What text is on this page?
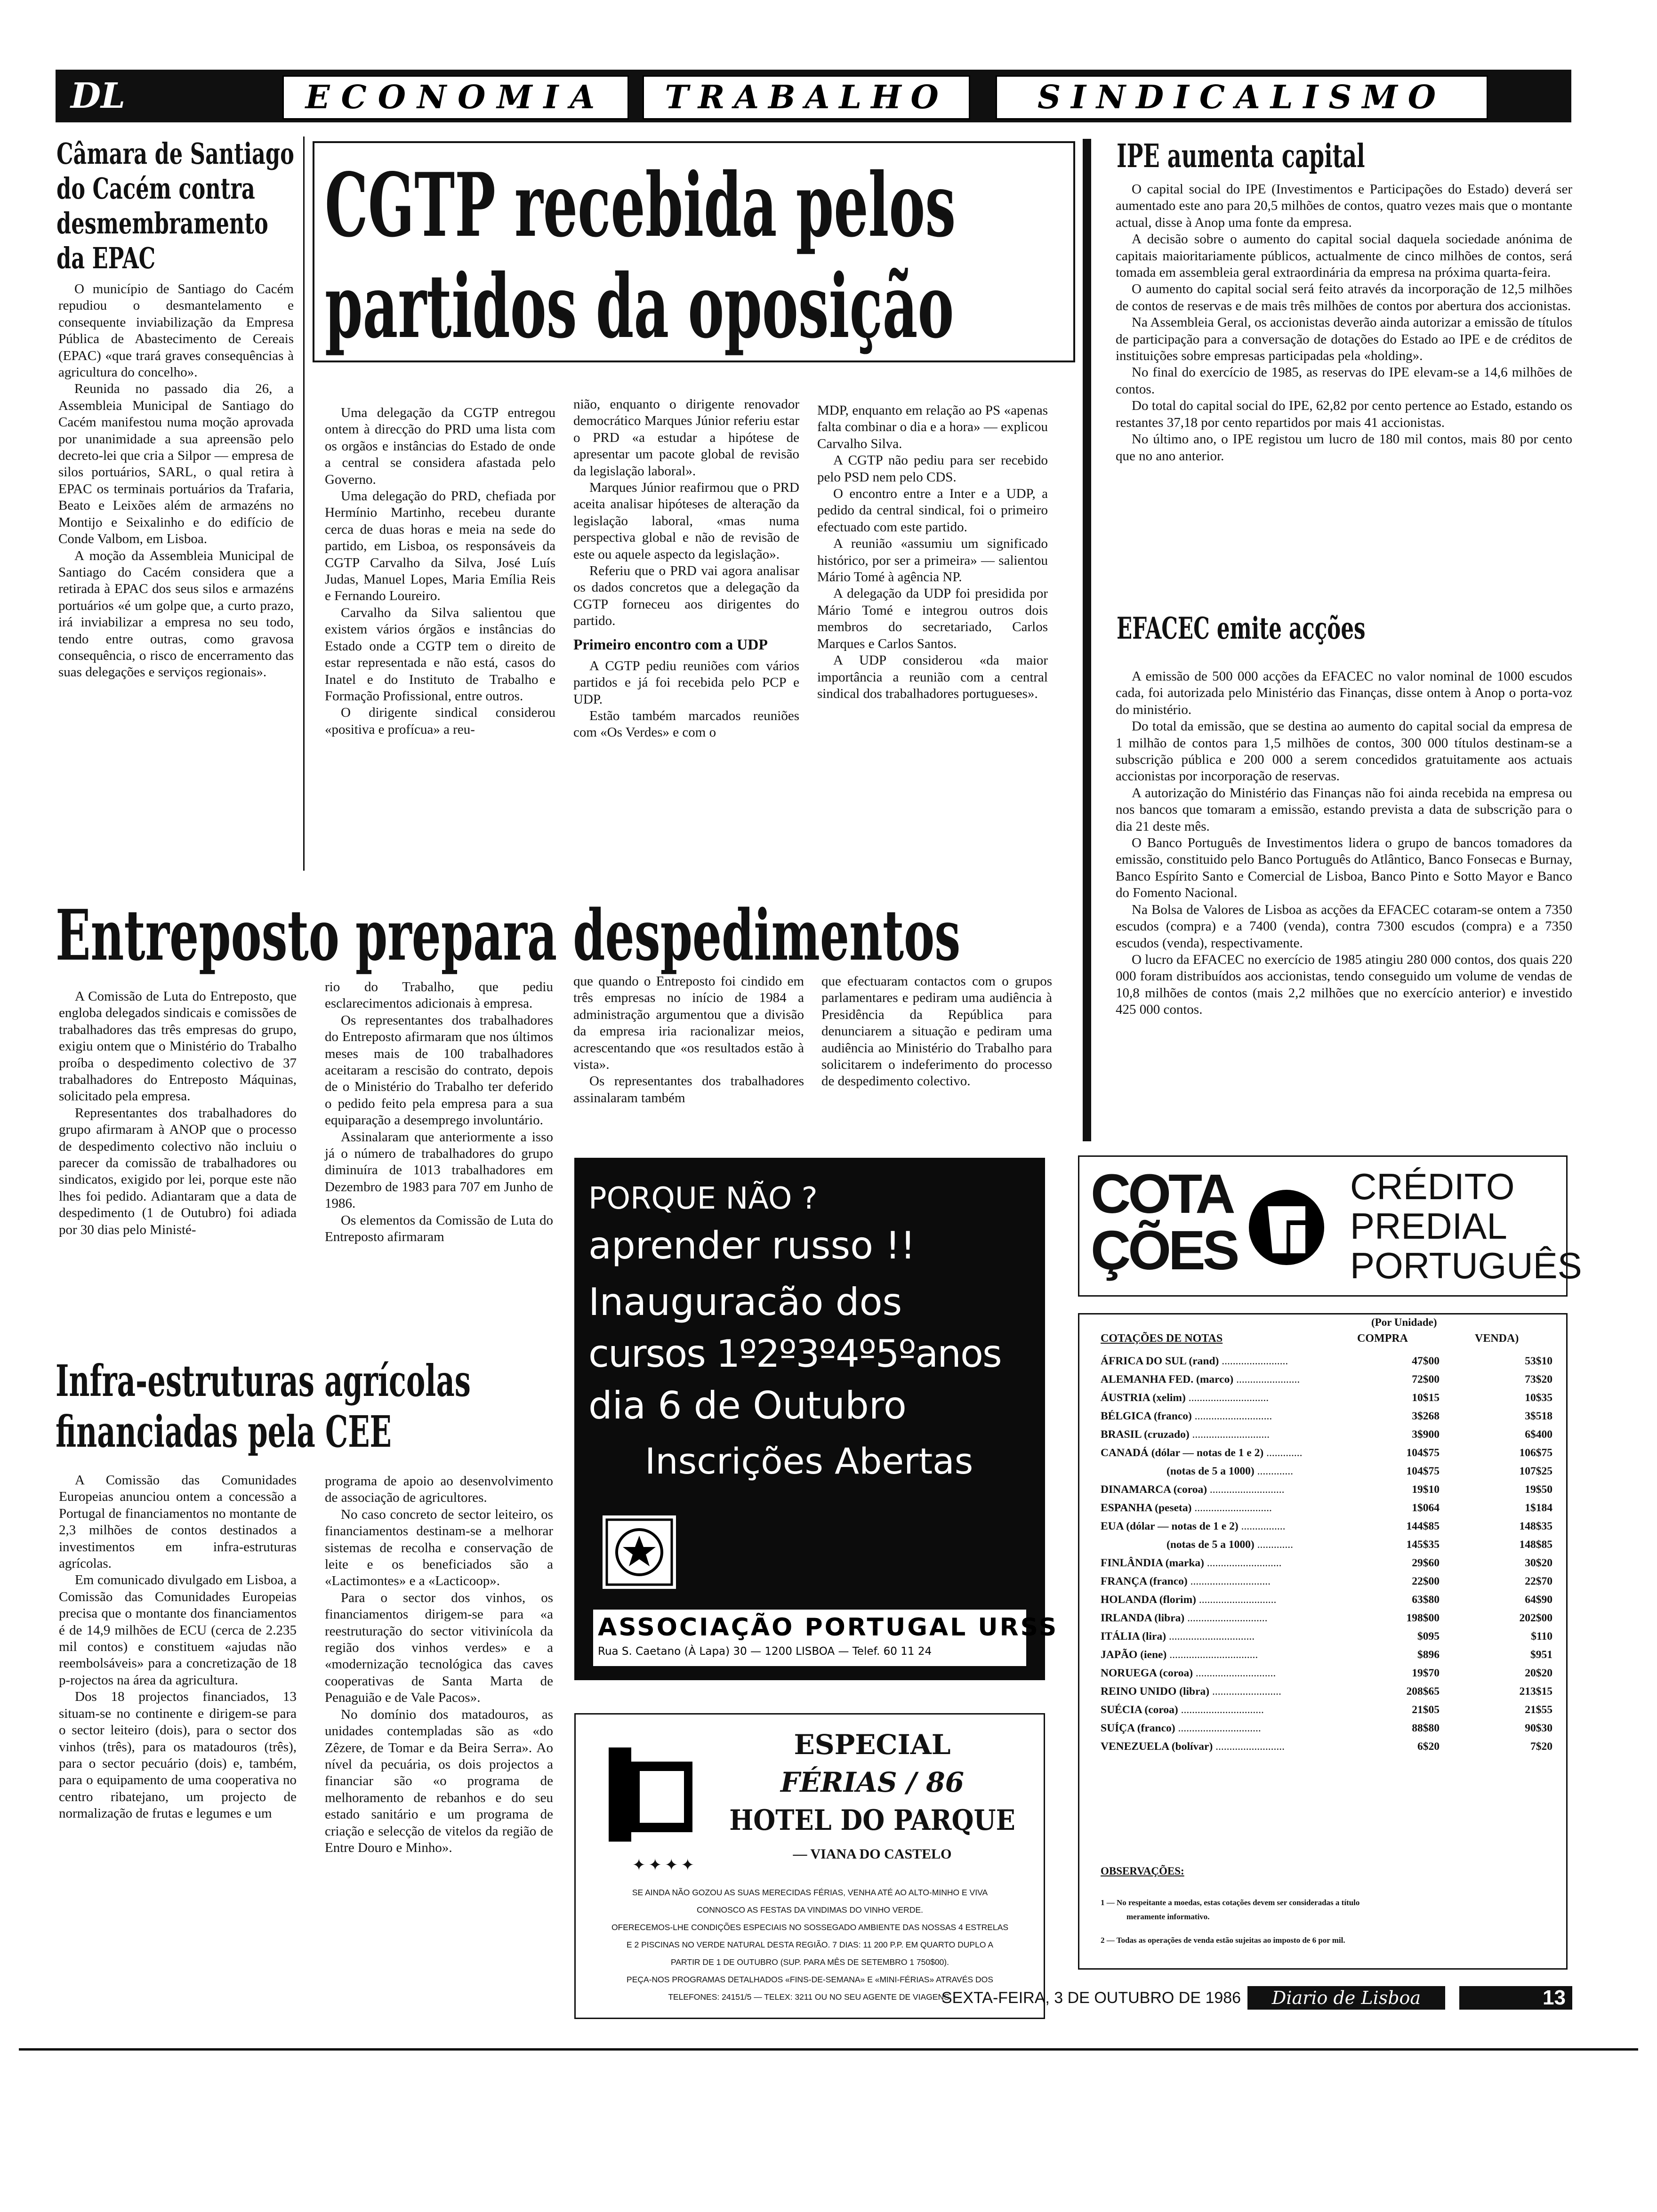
DL	ECONOMIA	TRABALHO	SINDICALISMO
Câmara de Santiago
do Cacém contra
desmembramento
da EPAC

O município de Santiago do Cacém repudiou o desmantelamento e consequente inviabilização da Empresa Pública de Abastecimento de Cereais (EPAC) «que trará graves consequências à agricultura do concelho».

Reunida no passado dia 26, a Assembleia Municipal de Santiago do Cacém manifestou numa moção aprovada por unanimidade a sua apreensão pelo decreto-lei que cria a Silpor — empresa de silos portuários, SARL, o qual retira à EPAC os terminais portuários da Trafaria, Beato e Leixões além de armazéns no Montijo e Seixalinho e do edifício de Conde Valbom, em Lisboa.

A moção da Assembleia Municipal de Santiago do Cacém considera que a retirada à EPAC dos seus silos e armazéns portuários «é um golpe que, a curto prazo, irá inviabilizar a empresa no seu todo, tendo entre outras, como gravosa consequência, o risco de encerramento das suas delegações e serviços regionais».

CGTP recebida pelos
partidos da oposição

Uma delegação da CGTP entregou ontem à direcção do PRD uma lista com os orgãos e instâncias do Estado de onde a central se considera afastada pelo Governo.

Uma delegação do PRD, chefiada por Hermínio Martinho, recebeu durante cerca de duas horas e meia na sede do partido, em Lisboa, os responsáveis da CGTP Carvalho da Silva, José Luís Judas, Manuel Lopes, Maria Emília Reis e Fernando Loureiro.

Carvalho da Silva salientou que existem vários órgãos e instâncias do Estado onde a CGTP tem o direito de estar representada e não está, casos do Inatel e do Instituto de Trabalho e Formação Profissional, entre outros.

O dirigente sindical considerou «positiva e profícua» a reu-

nião, enquanto o dirigente renovador democrático Marques Júnior referiu estar o PRD «a estudar a hipótese de apresentar um pacote global de revisão da legislação laboral».

Marques Júnior reafirmou que o PRD aceita analisar hipóteses de alteração da legislação laboral, «mas numa perspectiva global e não de revisão de este ou aquele aspecto da legislação».

Referiu que o PRD vai agora analisar os dados concretos que a delegação da CGTP forneceu aos dirigentes do partido.

Primeiro encontro com a UDP

A CGTP pediu reuniões com vários partidos e já foi recebida pelo PCP e UDP.

Estão também marcados reuniões com «Os Verdes» e com o

MDP, enquanto em relação ao PS «apenas falta combinar o dia e a hora» — explicou Carvalho Silva.

A CGTP não pediu para ser recebido pelo PSD nem pelo CDS.

O encontro entre a Inter e a UDP, a pedido da central sindical, foi o primeiro efectuado com este partido.

A reunião «assumiu um significado histórico, por ser a primeira» — salientou Mário Tomé à agência NP.

A delegação da UDP foi presidida por Mário Tomé e integrou outros dois membros do secretariado, Carlos Marques e Carlos Santos.

A UDP considerou «da maior importância a reunião com a central sindical dos trabalhadores portugueses».

IPE aumenta capital

O capital social do IPE (Investimentos e Participações do Estado) deverá ser aumentado este ano para 20,5 milhões de contos, quatro vezes mais que o montante actual, disse à Anop uma fonte da empresa.

A decisão sobre o aumento do capital social daquela sociedade anónima de capitais maioritariamente públicos, actualmente de cinco milhões de contos, será tomada em assembleia geral extraordinária da empresa na próxima quarta-feira.

O aumento do capital social será feito através da incorporação de 12,5 milhões de contos de reservas e de mais três milhões de contos por abertura dos accionistas.

Na Assembleia Geral, os accionistas deverão ainda autorizar a emissão de títulos de participação para a conversação de dotações do Estado ao IPE e de créditos de instituições sobre empresas participadas pela «holding».

No final do exercício de 1985, as reservas do IPE elevam-se a 14,6 milhões de contos.

Do total do capital social do IPE, 62,82 por cento pertence ao Estado, estando os restantes 37,18 por cento repartidos por mais 41 accionistas.

No último ano, o IPE registou um lucro de 180 mil contos, mais 80 por cento que no ano anterior.

EFACEC emite acções

A emissão de 500 000 acções da EFACEC no valor nominal de 1000 escudos cada, foi autorizada pelo Ministério das Finanças, disse ontem à Anop o porta-voz do ministério.

Do total da emissão, que se destina ao aumento do capital social da empresa de 1 milhão de contos para 1,5 milhões de contos, 300 000 títulos destinam-se a subscrição pública e 200 000 a serem concedidos gratuitamente aos actuais accionistas por incorporação de reservas.

A autorização do Ministério das Finanças não foi ainda recebida na empresa ou nos bancos que tomaram a emissão, estando prevista a data de subscrição para o dia 21 deste mês.

O Banco Português de Investimentos lidera o grupo de bancos tomadores da emissão, constituido pelo Banco Português do Atlântico, Banco Fonsecas e Burnay, Banco Espírito Santo e Comercial de Lisboa, Banco Pinto e Sotto Mayor e Banco do Fomento Nacional.

Na Bolsa de Valores de Lisboa as acções da EFACEC cotaram-se ontem a 7350 escudos (compra) e a 7400 (venda), contra 7300 escudos (compra) e a 7350 escudos (venda), respectivamente.

O lucro da EFACEC no exercício de 1985 atingiu 280 000 contos, dos quais 220 000 foram distribuídos aos accionistas, tendo conseguido um volume de vendas de 10,8 milhões de contos (mais 2,2 milhões que no exercício anterior) e investido 425 000 contos.

Entreposto prepara despedimentos

A Comissão de Luta do Entreposto, que engloba delegados sindicais e comissões de trabalhadores das três empresas do grupo, exigiu ontem que o Ministério do Trabalho proíba o despedimento colectivo de 37 trabalhadores do Entreposto Máquinas, solicitado pela empresa.

Representantes dos trabalhadores do grupo afirmaram à ANOP que o processo de despedimento colectivo não incluiu o parecer da comissão de trabalhadores ou sindicatos, exigido por lei, porque este não lhes foi pedido. Adiantaram que a data de despedimento (1 de Outubro) foi adiada por 30 dias pelo Ministé-

rio do Trabalho, que pediu esclarecimentos adicionais à empresa.

Os representantes dos trabalhadores do Entreposto afirmaram que nos últimos meses mais de 100 trabalhadores aceitaram a rescisão do contrato, depois de o Ministério do Trabalho ter deferido o pedido feito pela empresa para a sua equiparação a desemprego involuntário.

Assinalaram que anteriormente a isso já o número de trabalhadores do grupo diminuíra de 1013 trabalhadores em Dezembro de 1983 para 707 em Junho de 1986.

Os elementos da Comissão de Luta do Entreposto afirmaram

que quando o Entreposto foi cindido em três empresas no início de 1984 a administração argumentou que a divisão da empresa iria racionalizar meios, acrescentando que «os resultados estão à vista».

Os representantes dos trabalhadores assinalaram também

que efectuaram contactos com o grupos parlamentares e pediram uma audiência à Presidência da República para denunciarem a situação e pediram uma audiência ao Ministério do Trabalho para solicitarem o indeferimento do processo de despedimento colectivo.

Infra-estruturas agrícolas
financiadas pela CEE

A Comissão das Comunidades Europeias anunciou ontem a concessão a Portugal de financiamentos no montante de 2,3 milhões de contos destinados a investimentos em infra-estruturas agrícolas.

Em comunicado divulgado em Lisboa, a Comissão das Comunidades Europeias precisa que o montante dos financiamentos é de 14,9 milhões de ECU (cerca de 2.235 mil contos) e constituem «ajudas não reembolsáveis» para a concretização de 18 p-rojectos na área da agricultura.

Dos 18 projectos financiados, 13 situam-se no continente e dirigem-se para o sector leiteiro (dois), para o sector dos vinhos (três), para os matadouros (três), para o sector pecuário (dois) e, também, para o equipamento de uma cooperativa no centro ribatejano, um projecto de normalização de frutas e legumes e um

programa de apoio ao desenvolvimento de associação de agricultores.

No caso concreto de sector leiteiro, os financiamentos destinam-se a melhorar sistemas de recolha e conservação de leite e os beneficiados são a «Lactimontes» e a «Lacticoop».

Para o sector dos vinhos, os financiamentos dirigem-se para «a reestruturação do sector vitivinícola da região dos vinhos verdes» e a «modernização tecnológica das caves cooperativas de Santa Marta de Penaguião e de Vale Pacos».

No domínio dos matadouros, as unidades contempladas são as «do Zêzere, de Tomar e da Beira Serra». Ao nível da pecuária, os dois projectos a financiar são «o programa de melhoramento de rebanhos e do seu estado sanitário e um programa de criação e selecção de vitelos da região de Entre Douro e Minho».

PORQUE NÃO ?
aprender russo !!
Inauguracão dos
cursos 1º2º3º4º5ºanos
dia 6 de Outubro
Inscrições Abertas
ASSOCIAÇÃO PORTUGAL URSS
Rua S. Caetano (À Lapa) 30 — 1200 LISBOA — Telef. 60 11 24
✦✦✦✦
ESPECIAL
FÉRIAS / 86
HOTEL DO PARQUE
— VIANA DO CASTELO
SE AINDA NÃO GOZOU AS SUAS MERECIDAS FÉRIAS, VENHA ATÉ AO ALTO-MINHO E VIVA
CONNOSCO AS FESTAS DA VINDIMAS DO VINHO VERDE.
OFERECEMOS-LHE CONDIÇÕES ESPECIAIS NO SOSSEGADO AMBIENTE DAS NOSSAS 4 ESTRELAS
E 2 PISCINAS NO VERDE NATURAL DESTA REGIÃO. 7 DIAS: 11 200 P.P. EM QUARTO DUPLO A
PARTIR DE 1 DE OUTUBRO (SUP. PARA MÊS DE SETEMBRO 1 750$00).
PEÇA-NOS PROGRAMAS DETALHADOS «FINS-DE-SEMANA» E «MINI-FÉRIAS» ATRAVÉS DOS
TELEFONES: 24151/5 — TELEX: 3211 OU NO SEU AGENTE DE VIAGENS.
COTA
ÇÕES
CRÉDITO
PREDIAL
PORTUGUÊS
(Por Unidade)
COTAÇÕES DE NOTAS	COMPRA	VENDA)
ÁFRICA DO SUL (rand) ........................	47$00	53$10
ALEMANHA FED. (marco) .......................	72$00	73$20
ÁUSTRIA (xelim) .............................	10$15	10$35
BÉLGICA (franco) ............................	3$268	3$518
BRASIL (cruzado) ............................	3$900	6$400
CANADÁ (dólar — notas de 1 e 2) .............	104$75	106$75
(notas de 5 a 1000) .............	104$75	107$25
DINAMARCA (coroa) ...........................	19$10	19$50
ESPANHA (peseta) ............................	1$064	1$184
EUA (dólar — notas de 1 e 2) ................	144$85	148$35
(notas de 5 a 1000) .............	145$35	148$85
FINLÂNDIA (marka) ...........................	29$60	30$20
FRANÇA (franco) .............................	22$00	22$70
HOLANDA (florim) ............................	63$80	64$90
IRLANDA (libra) .............................	198$00	202$00
ITÁLIA (lira) ...............................	$095	$110
JAPÃO (iene) ................................	$896	$951
NORUEGA (coroa) .............................	19$70	20$20
REINO UNIDO (libra) .........................	208$65	213$15
SUÉCIA (coroa) ..............................	21$05	21$55
SUÍÇA (franco) ..............................	88$80	90$30
VENEZUELA (bolívar) .........................	6$20	7$20
OBSERVAÇÕES:
1 — No respeitante a moedas, estas cotações devem ser consideradas a título
meramente informativo.
2 — Todas as operações de venda estão sujeitas ao imposto de 6 por mil.
SEXTA-FEIRA, 3 DE OUTUBRO DE 1986	Diario de Lisboa	13
